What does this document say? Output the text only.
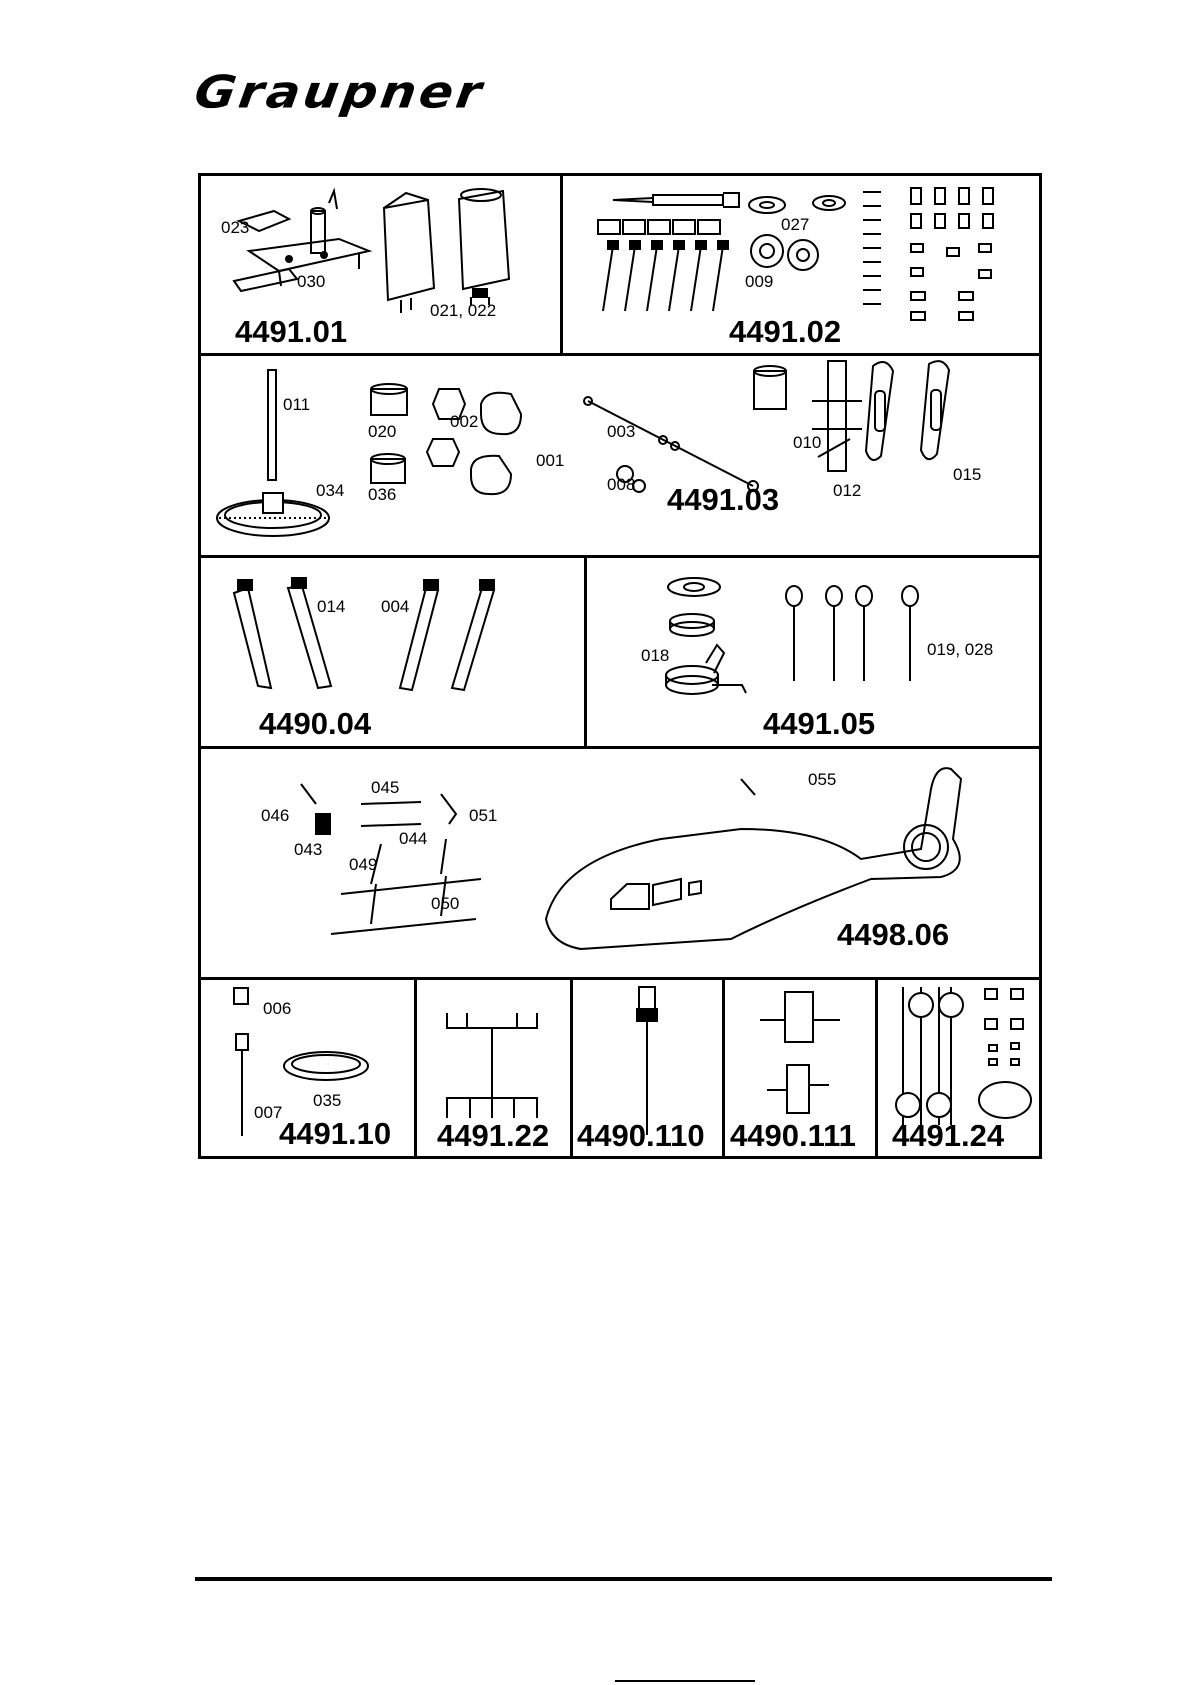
Graupner
023
030
021, 022
4491.01
027
009
4491.02
011
020
002
001
036
034
003
008
010
012
015
4491.03
014 004
4490.04
018	019, 028
4491.05
045
046	051
043
044
049
050
055
4498.06
006
035
007
4491.10 4491.22 4490.110 4490.111 4491.24
